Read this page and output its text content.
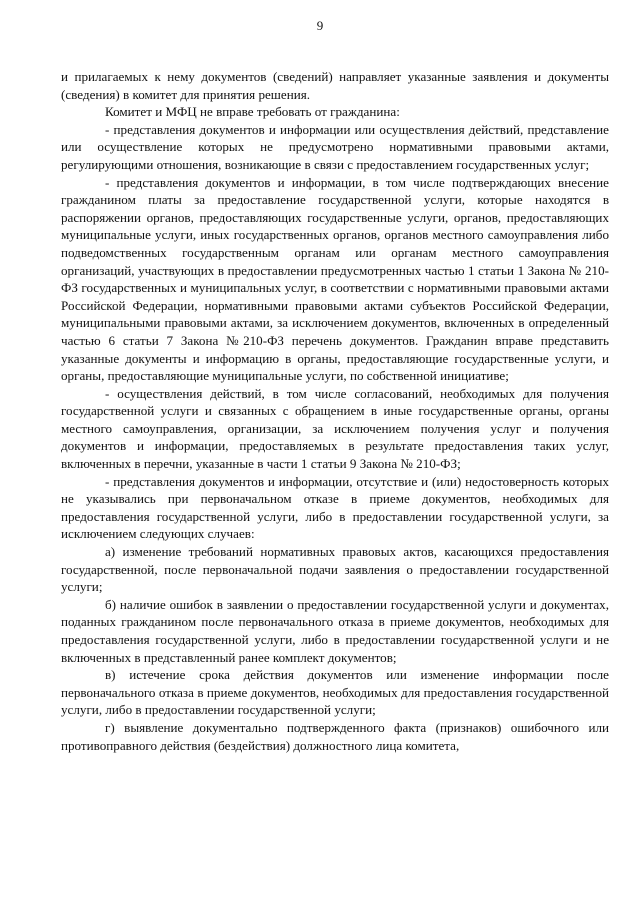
9

и прилагаемых к нему документов (сведений) направляет указанные заявления и документы (сведения) в комитет для принятия решения.

Комитет и МФЦ не вправе требовать от гражданина:

- представления документов и информации или осуществления действий, представление или осуществление которых не предусмотрено нормативными правовыми актами, регулирующими отношения, возникающие в связи с предоставлением государственных услуг;

- представления документов и информации, в том числе подтверждающих внесение гражданином платы за предоставление государственной услуги, которые находятся в распоряжении органов, предоставляющих государственные услуги, органов, предоставляющих муниципальные услуги, иных государственных органов, органов местного самоуправления либо подведомственных государственным органам или органам местного самоуправления организаций, участвующих в предоставлении предусмотренных частью 1 статьи 1 Закона № 210-ФЗ государственных и муниципальных услуг, в соответствии с нормативными правовыми актами Российской Федерации, нормативными правовыми актами субъектов Российской Федерации, муниципальными правовыми актами, за исключением документов, включенных в определенный частью 6 статьи 7 Закона №210-ФЗ перечень документов. Гражданин вправе представить указанные документы и информацию в органы, предоставляющие государственные услуги, и органы, предоставляющие муниципальные услуги, по собственной инициативе;

- осуществления действий, в том числе согласований, необходимых для получения государственной услуги и связанных с обращением в иные государственные органы, органы местного самоуправления, организации, за исключением получения услуг и получения документов и информации, предоставляемых в результате предоставления таких услуг, включенных в перечни, указанные в части 1 статьи 9 Закона № 210-ФЗ;

- представления документов и информации, отсутствие и (или) недостоверность которых не указывались при первоначальном отказе в приеме документов, необходимых для предоставления государственной услуги, либо в предоставлении государственной услуги, за исключением следующих случаев:

а) изменение требований нормативных правовых актов, касающихся предоставления государственной, после первоначальной подачи заявления о предоставлении государственной услуги;

б) наличие ошибок в заявлении о предоставлении государственной услуги и документах, поданных гражданином после первоначального отказа в приеме документов, необходимых для предоставления государственной услуги, либо в предоставлении государственной услуги и не включенных в представленный ранее комплект документов;

в) истечение срока действия документов или изменение информации после первоначального отказа в приеме документов, необходимых для предоставления государственной услуги, либо в предоставлении государственной услуги;

г) выявление документально подтвержденного факта (признаков) ошибочного или противоправного действия (бездействия) должностного лица комитета,
